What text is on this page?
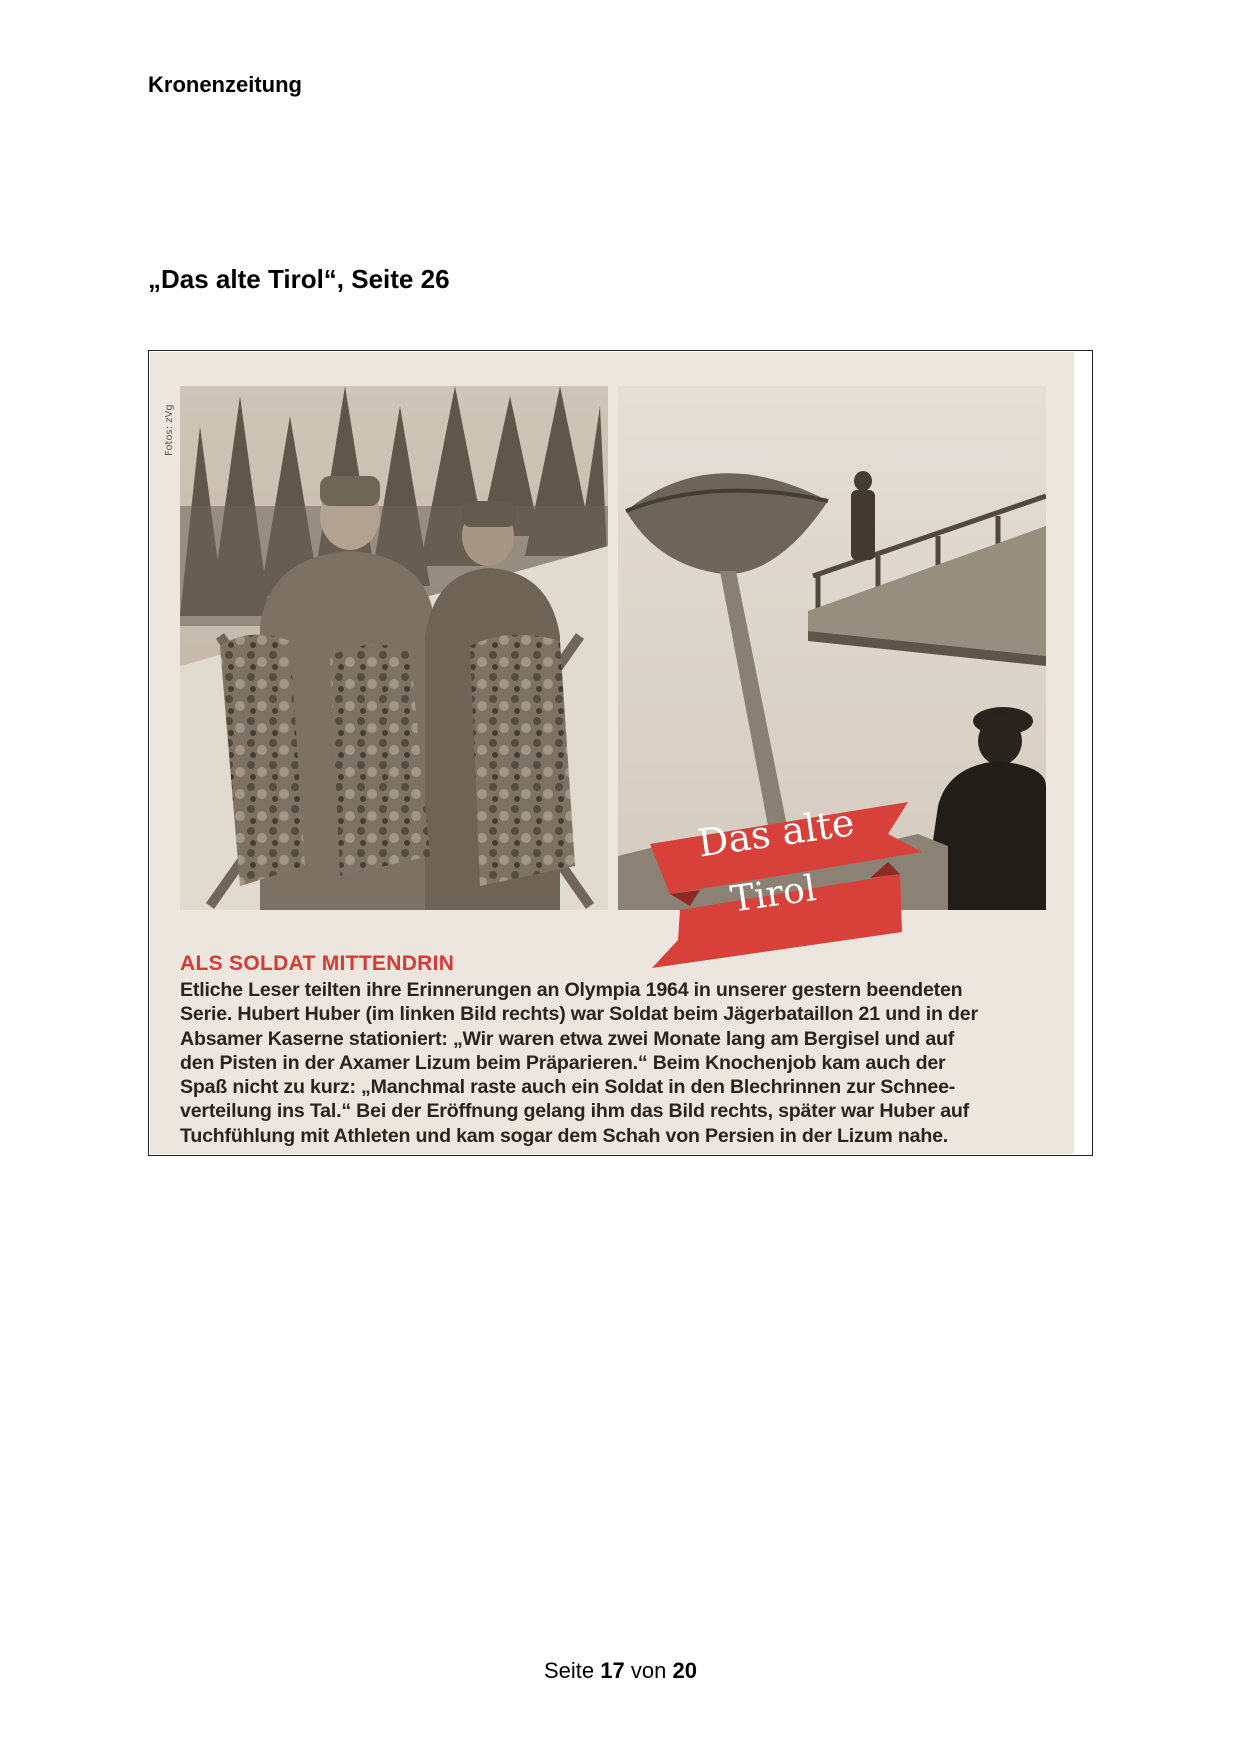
Kronenzeitung
„Das alte Tirol“, Seite 26
Fotos: zVg
Das alte
Tirol

ALS SOLDAT MITTENDRIN

Etliche Leser teilten ihre Erinnerungen an Olympia 1964 in unserer gestern beendeten
Serie. Hubert Huber (im linken Bild rechts) war Soldat beim Jägerbataillon 21 und in der
Absamer Kaserne stationiert: „Wir waren etwa zwei Monate lang am Bergisel und auf
den Pisten in der Axamer Lizum beim Präparieren.“ Beim Knochenjob kam auch der
Spaß nicht zu kurz: „Manchmal raste auch ein Soldat in den Blechrinnen zur Schnee-
verteilung ins Tal.“ Bei der Eröffnung gelang ihm das Bild rechts, später war Huber auf
Tuchfühlung mit Athleten und kam sogar dem Schah von Persien in der Lizum nahe.

Seite 17 von 20
